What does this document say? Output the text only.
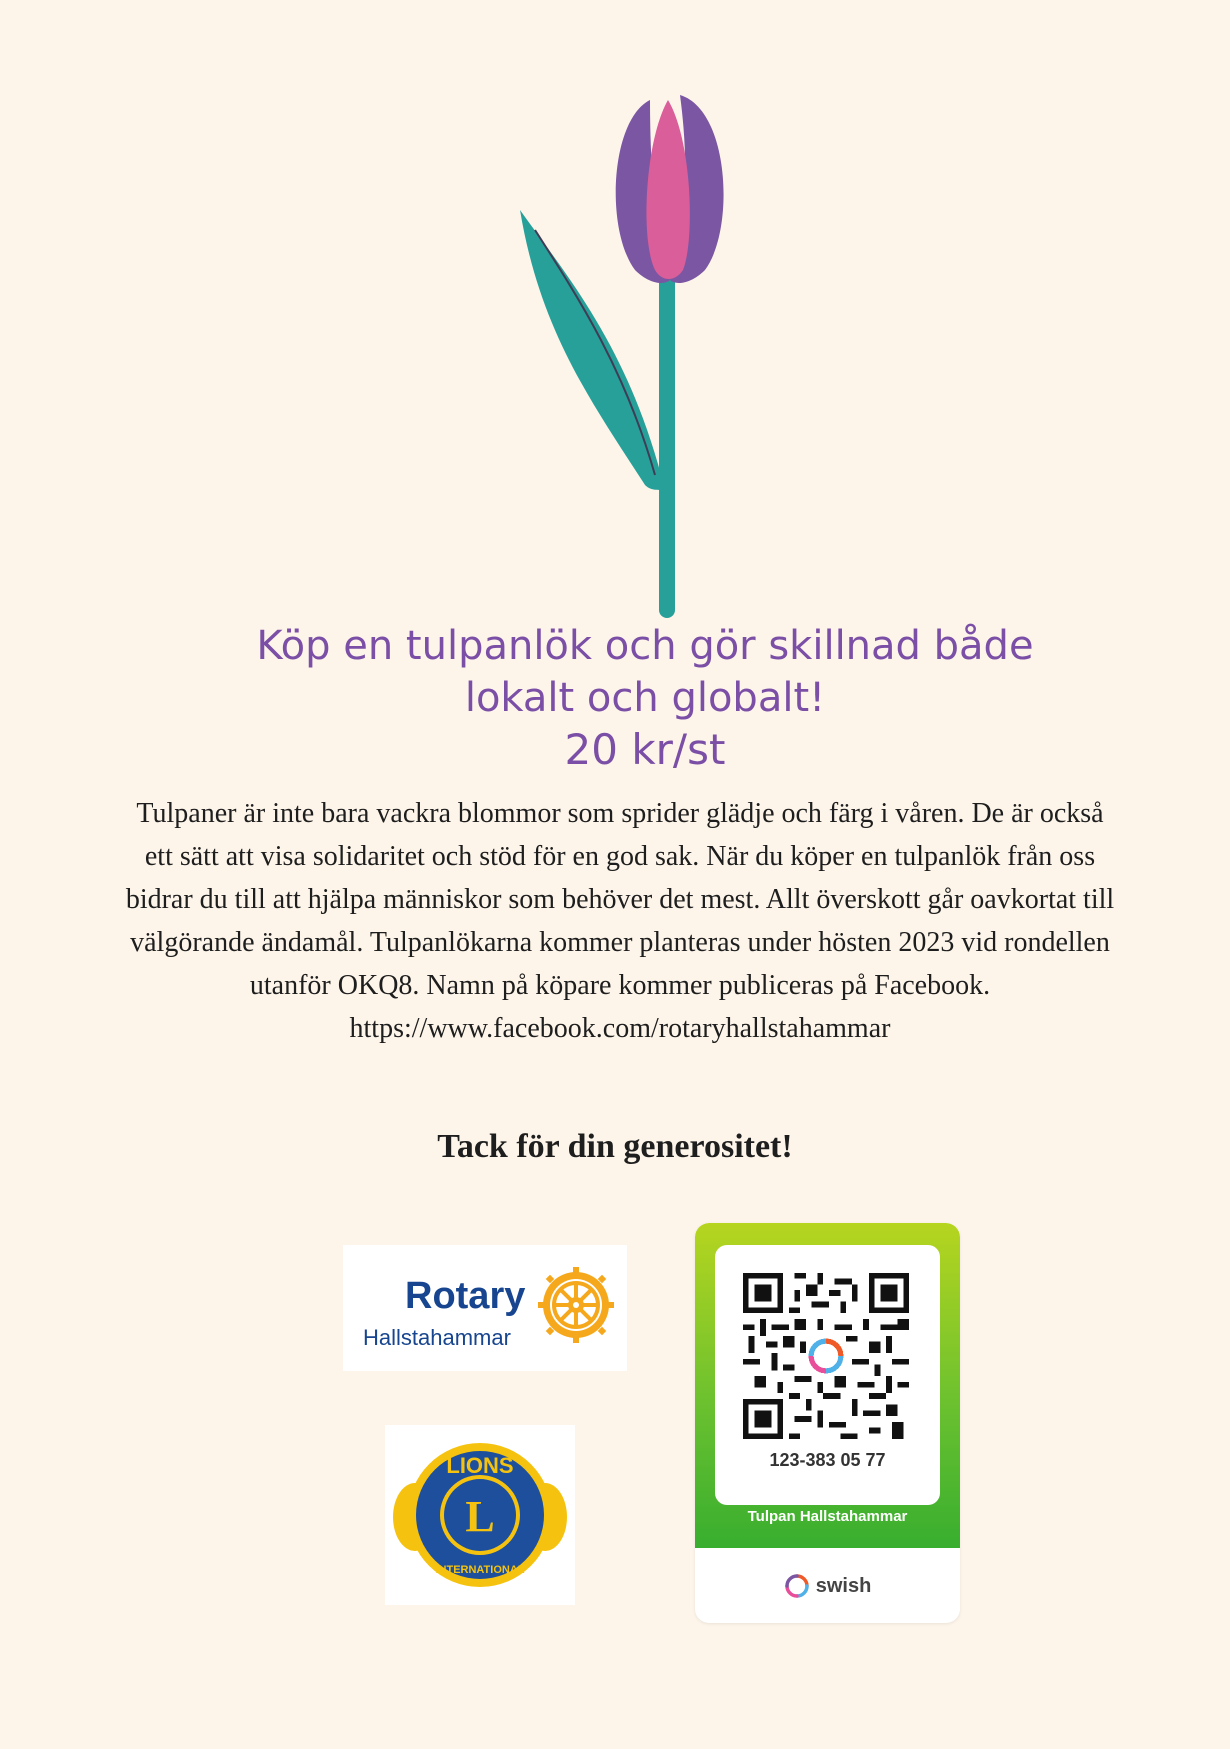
Köp en tulpanlök och gör skillnad både
lokalt och globalt!
20 kr/st

Tulpaner är inte bara vackra blommor som sprider glädje och färg i våren. De är också ett sätt att visa solidaritet och stöd för en god sak. När du köper en tulpanlök från oss bidrar du till att hjälpa människor som behöver det mest. Allt överskott går oavkortat till välgörande ändamål. Tulpanlökarna kommer planteras under hösten 2023 vid rondellen utanför OKQ8. Namn på köpare kommer publiceras på Facebook.

https://www.facebook.com/rotaryhallstahammar

Tack för din generositet!
Rotary
Hallstahammar
LIONS
L
INTERNATIONAL
123-383 05 77
Tulpan Hallstahammar
swish
